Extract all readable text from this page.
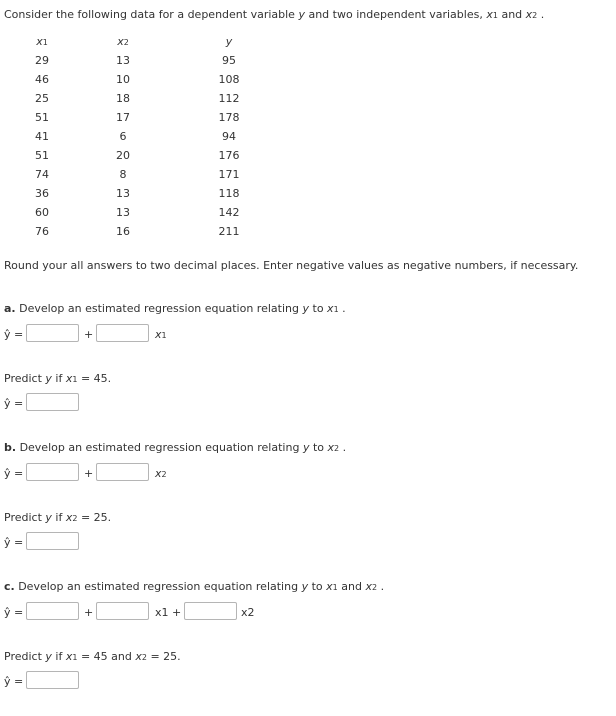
Consider the following data for a dependent variable y and two independent variables, x1 and x2 .
x1	x2	y
29	13	95
46	10	108
25	18	112
51	17	178
41	6	94
51	20	176
74	8	171
36	13	118
60	13	142
76	16	211
Round your all answers to two decimal places. Enter negative values as negative numbers, if necessary.
a. Develop an estimated regression equation relating y to x1 .
ŷ =	+	x1
Predict y if x1 = 45.
ŷ =
b. Develop an estimated regression equation relating y to x2 .
ŷ =	+	x2
Predict y if x2 = 25.
ŷ =
c. Develop an estimated regression equation relating y to x1 and x2 .
ŷ =	+	x1 +	x2
Predict y if x1 = 45 and x2 = 25.
ŷ =
